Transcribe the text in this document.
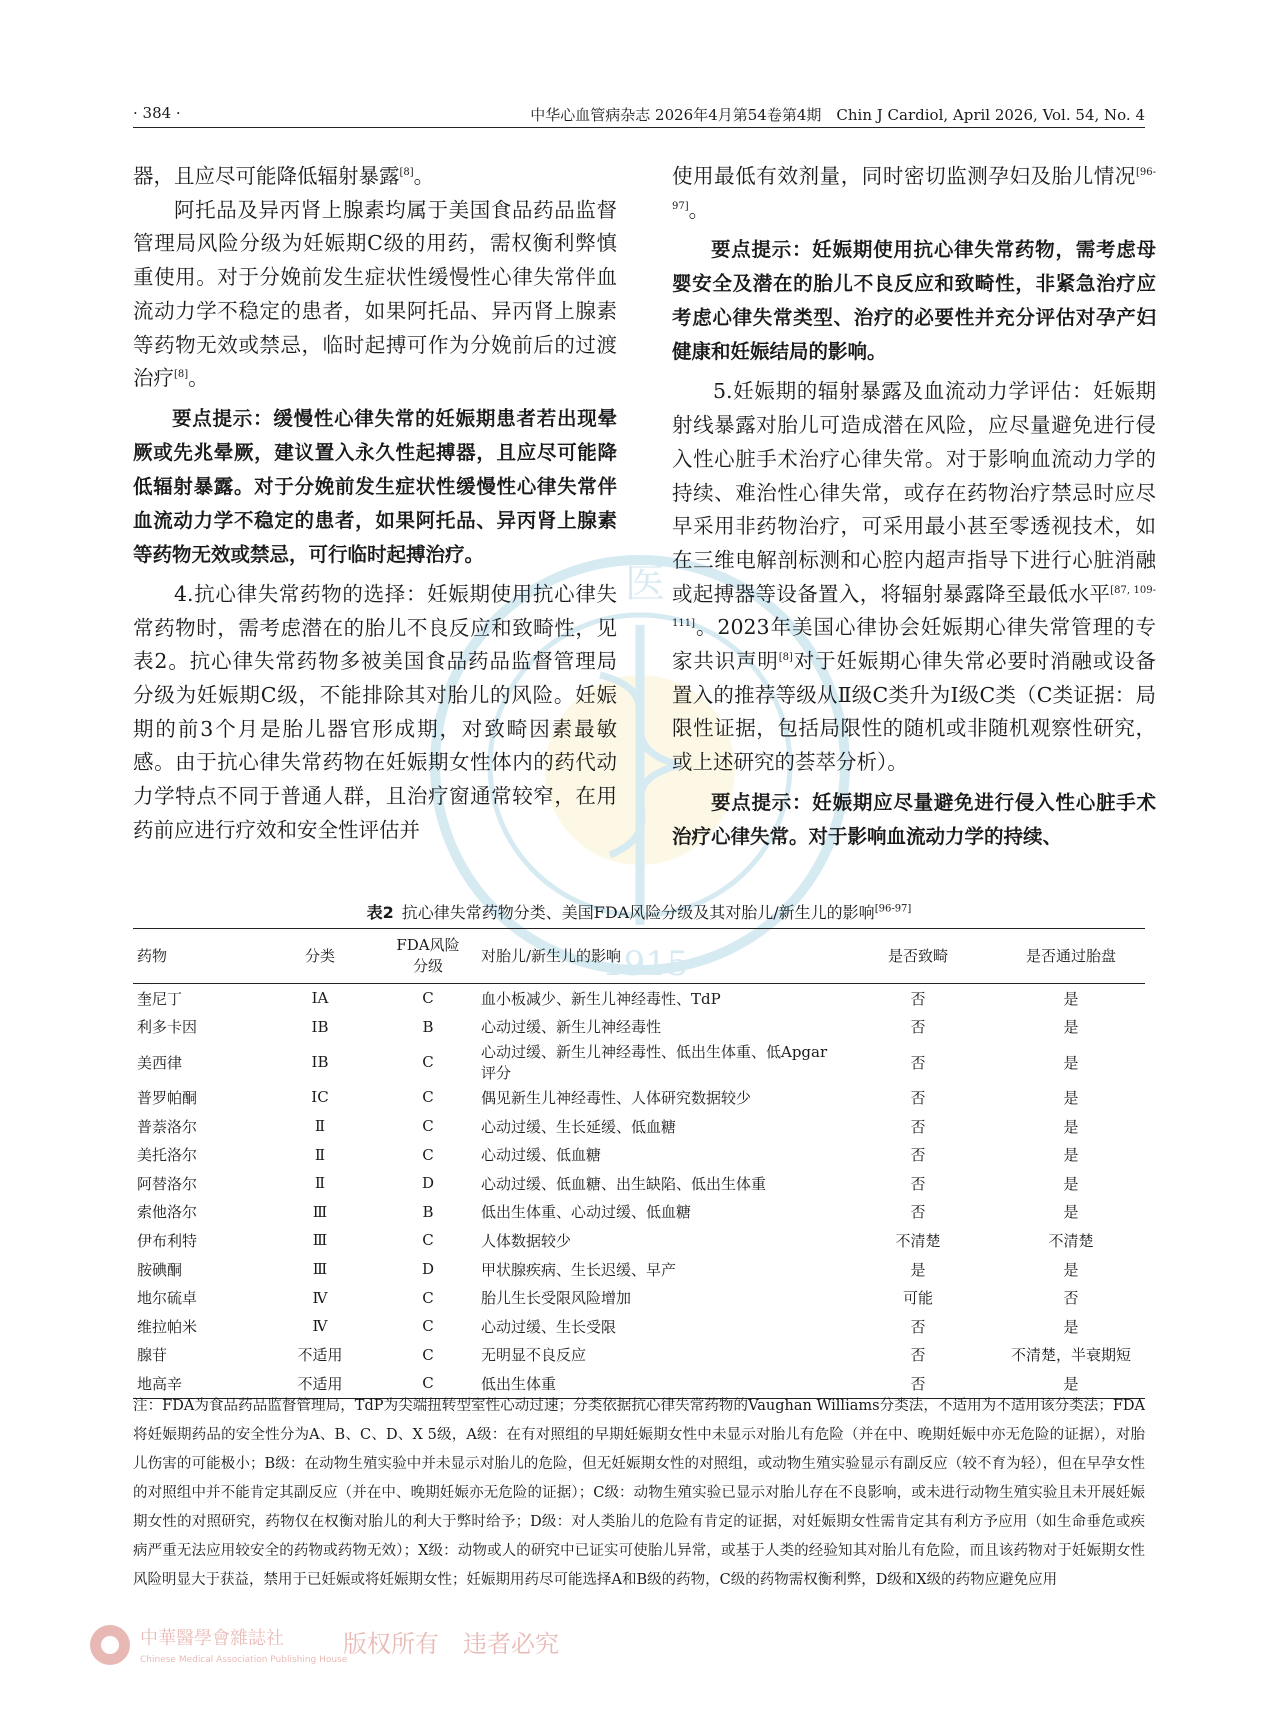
医
1915
· 384 ·	中华心血管病杂志 2026年4月第54卷第4期　Chin J Cardiol, April 2026, Vol. 54, No. 4

器，且应尽可能降低辐射暴露[8]。

阿托品及异丙肾上腺素均属于美国食品药品监督管理局风险分级为妊娠期C级的用药，需权衡利弊慎重使用。对于分娩前发生症状性缓慢性心律失常伴血流动力学不稳定的患者，如果阿托品、异丙肾上腺素等药物无效或禁忌，临时起搏可作为分娩前后的过渡治疗[8]。

要点提示：缓慢性心律失常的妊娠期患者若出现晕厥或先兆晕厥，建议置入永久性起搏器，且应尽可能降低辐射暴露。对于分娩前发生症状性缓慢性心律失常伴血流动力学不稳定的患者，如果阿托品、异丙肾上腺素等药物无效或禁忌，可行临时起搏治疗。

4.抗心律失常药物的选择：妊娠期使用抗心律失常药物时，需考虑潜在的胎儿不良反应和致畸性，见表2。抗心律失常药物多被美国食品药品监督管理局分级为妊娠期C级，不能排除其对胎儿的风险。妊娠期的前3个月是胎儿器官形成期，对致畸因素最敏感。由于抗心律失常药物在妊娠期女性体内的药代动力学特点不同于普通人群，且治疗窗通常较窄，在用药前应进行疗效和安全性评估并

使用最低有效剂量，同时密切监测孕妇及胎儿情况[96-97]。

要点提示：妊娠期使用抗心律失常药物，需考虑母婴安全及潜在的胎儿不良反应和致畸性，非紧急治疗应考虑心律失常类型、治疗的必要性并充分评估对孕产妇健康和妊娠结局的影响。

5.妊娠期的辐射暴露及血流动力学评估：妊娠期射线暴露对胎儿可造成潜在风险，应尽量避免进行侵入性心脏手术治疗心律失常。对于影响血流动力学的持续、难治性心律失常，或存在药物治疗禁忌时应尽早采用非药物治疗，可采用最小甚至零透视技术，如在三维电解剖标测和心腔内超声指导下进行心脏消融或起搏器等设备置入，将辐射暴露降至最低水平[87, 109-111]。2023年美国心律协会妊娠期心律失常管理的专家共识声明[8]对于妊娠期心律失常必要时消融或设备置入的推荐等级从Ⅱ级C类升为Ⅰ级C类（C类证据：局限性证据，包括局限性的随机或非随机观察性研究，或上述研究的荟萃分析）。

要点提示：妊娠期应尽量避免进行侵入性心脏手术治疗心律失常。对于影响血流动力学的持续、

表2 抗心律失常药物分类、美国FDA风险分级及其对胎儿/新生儿的影响[96-97]
药物	分类	FDA风险
分级	对胎儿/新生儿的影响	是否致畸	是否通过胎盘
奎尼丁	ⅠA	C	血小板减少、新生儿神经毒性、TdP	否	是
利多卡因	ⅠB	B	心动过缓、新生儿神经毒性	否	是
美西律	ⅠB	C	心动过缓、新生儿神经毒性、低出生体重、低Apgar评分	否	是
普罗帕酮	ⅠC	C	偶见新生儿神经毒性、人体研究数据较少	否	是
普萘洛尔	Ⅱ	C	心动过缓、生长延缓、低血糖	否	是
美托洛尔	Ⅱ	C	心动过缓、低血糖	否	是
阿替洛尔	Ⅱ	D	心动过缓、低血糖、出生缺陷、低出生体重	否	是
索他洛尔	Ⅲ	B	低出生体重、心动过缓、低血糖	否	是
伊布利特	Ⅲ	C	人体数据较少	不清楚	不清楚
胺碘酮	Ⅲ	D	甲状腺疾病、生长迟缓、早产	是	是
地尔硫卓	Ⅳ	C	胎儿生长受限风险增加	可能	否
维拉帕米	Ⅳ	C	心动过缓、生长受限	否	是
腺苷	不适用	C	无明显不良反应	否	不清楚，半衰期短
地高辛	不适用	C	低出生体重	否	是
注：FDA为食品药品监督管理局，TdP为尖端扭转型室性心动过速；分类依据抗心律失常药物的Vaughan Williams分类法，不适用为不适用该分类法；FDA将妊娠期药品的安全性分为A、B、C、D、X 5级，A级：在有对照组的早期妊娠期女性中未显示对胎儿有危险（并在中、晚期妊娠中亦无危险的证据），对胎儿伤害的可能极小；B级：在动物生殖实验中并未显示对胎儿的危险，但无妊娠期女性的对照组，或动物生殖实验显示有副反应（较不育为轻），但在早孕女性的对照组中并不能肯定其副反应（并在中、晚期妊娠亦无危险的证据）；C级：动物生殖实验已显示对胎儿存在不良影响，或未进行动物生殖实验且未开展妊娠期女性的对照研究，药物仅在权衡对胎儿的利大于弊时给予；D级：对人类胎儿的危险有肯定的证据，对妊娠期女性需肯定其有利方予应用（如生命垂危或疾病严重无法应用较安全的药物或药物无效）；X级：动物或人的研究中已证实可使胎儿异常，或基于人类的经验知其对胎儿有危险，而且该药物对于妊娠期女性风险明显大于获益，禁用于已妊娠或将妊娠期女性；妊娠期用药尽可能选择A和B级的药物，C级的药物需权衡利弊，D级和X级的药物应避免应用
中華醫學會雜誌社
Chinese Medical Association Publishing House
版权所有　违者必究
